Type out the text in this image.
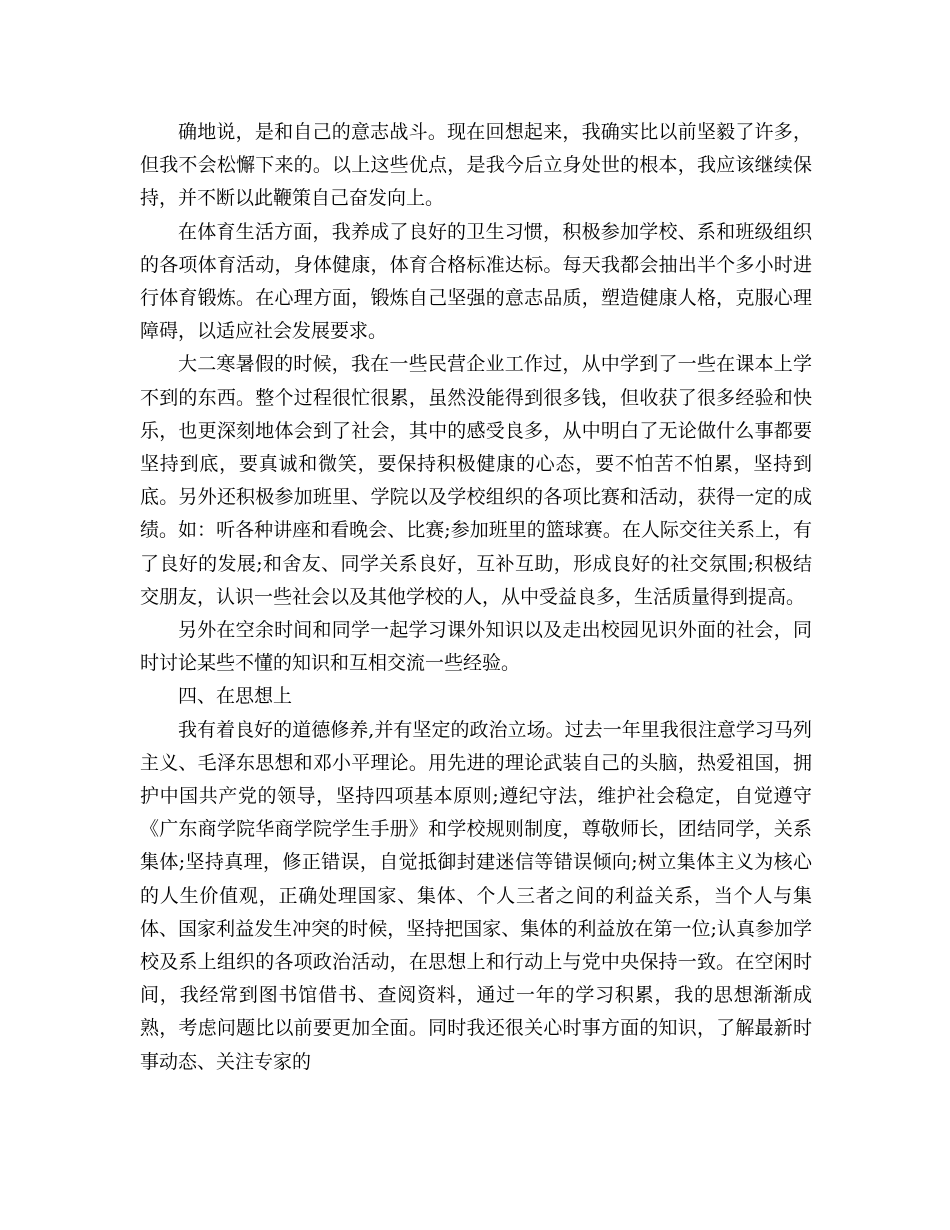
确地说，是和自己的意志战斗。现在回想起来，我确实比以前坚毅了许多，但我不会松懈下来的。以上这些优点，是我今后立身处世的根本，我应该继续保持，并不断以此鞭策自己奋发向上。

在体育生活方面，我养成了良好的卫生习惯，积极参加学校、系和班级组织的各项体育活动，身体健康，体育合格标准达标。每天我都会抽出半个多小时进行体育锻炼。在心理方面，锻炼自己坚强的意志品质，塑造健康人格，克服心理障碍，以适应社会发展要求。

大二寒暑假的时候，我在一些民营企业工作过，从中学到了一些在课本上学不到的东西。整个过程很忙很累，虽然没能得到很多钱，但收获了很多经验和快乐，也更深刻地体会到了社会，其中的感受良多，从中明白了无论做什么事都要坚持到底，要真诚和微笑，要保持积极健康的心态，要不怕苦不怕累，坚持到底。另外还积极参加班里、学院以及学校组织的各项比赛和活动，获得一定的成绩。如：听各种讲座和看晚会、比赛;参加班里的篮球赛。在人际交往关系上，有了良好的发展;和舍友、同学关系良好，互补互助，形成良好的社交氛围;积极结交朋友，认识一些社会以及其他学校的人，从中受益良多，生活质量得到提高。

另外在空余时间和同学一起学习课外知识以及走出校园见识外面的社会，同时讨论某些不懂的知识和互相交流一些经验。

四、在思想上

我有着良好的道德修养,并有坚定的政治立场。过去一年里我很注意学习马列主义、毛泽东思想和邓小平理论。用先进的理论武装自己的头脑，热爱祖国，拥护中国共产党的领导，坚持四项基本原则;遵纪守法，维护社会稳定，自觉遵守《广东商学院华商学院学生手册》和学校规则制度，尊敬师长，团结同学，关系集体;坚持真理，修正错误，自觉抵御封建迷信等错误倾向;树立集体主义为核心的人生价值观，正确处理国家、集体、个人三者之间的利益关系，当个人与集体、国家利益发生冲突的时候，坚持把国家、集体的利益放在第一位;认真参加学校及系上组织的各项政治活动，在思想上和行动上与党中央保持一致。在空闲时间，我经常到图书馆借书、查阅资料，通过一年的学习积累，我的思想渐渐成熟，考虑问题比以前要更加全面。同时我还很关心时事方面的知识，了解最新时事动态、关注专家的
